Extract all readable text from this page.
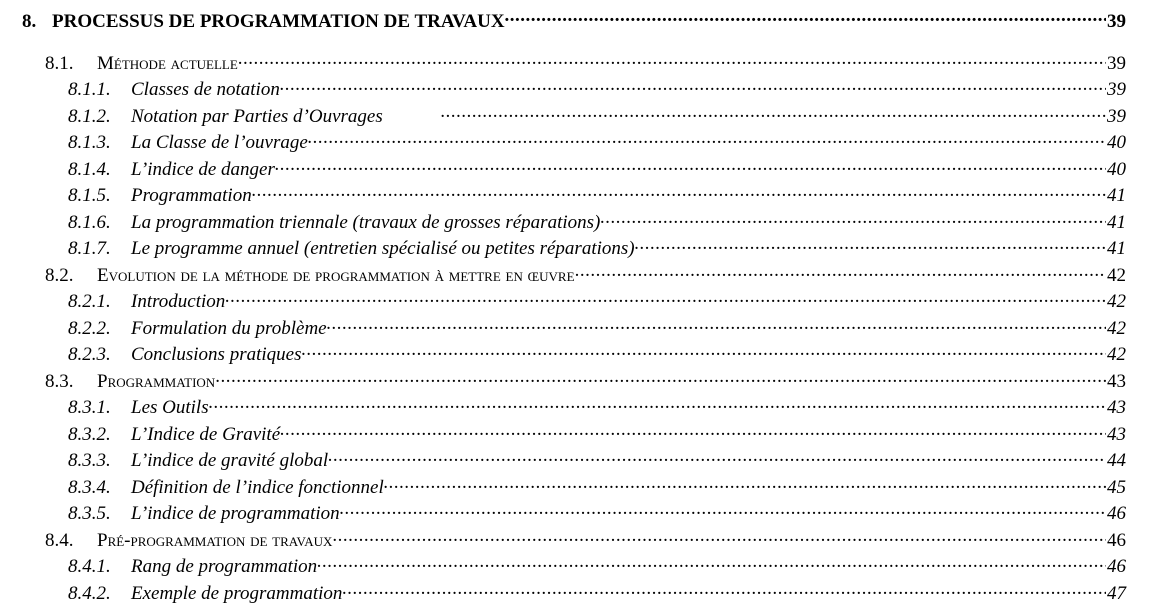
8. PROCESSUS DE PROGRAMMATION DE TRAVAUX .....	39
8.1.	Méthode actuelle .....	39
8.1.1.	Classes de notation .....	39
8.1.2.	Notation par Parties d’Ouvrages .....	39
8.1.3.	La Classe de l’ouvrage .....	40
8.1.4.	L’indice de danger .....	40
8.1.5.	Programmation .....	41
8.1.6.	La programmation triennale (travaux de grosses réparations) .....	41
8.1.7.	Le programme annuel (entretien spécialisé ou petites réparations) .....	41
8.2.	Evolution de la méthode de programmation à mettre en œuvre .....	42
8.2.1.	Introduction .....	42
8.2.2.	Formulation du problème .....	42
8.2.3.	Conclusions pratiques .....	42
8.3.	Programmation .....	43
8.3.1.	Les Outils .....	43
8.3.2.	L’Indice de Gravité .....	43
8.3.3.	L’indice de gravité global .....	44
8.3.4.	Définition de l’indice fonctionnel .....	45
8.3.5.	L’indice de programmation .....	46
8.4.	Pré-programmation de travaux .....	46
8.4.1.	Rang de programmation .....	46
8.4.2.	Exemple de programmation .....	47
